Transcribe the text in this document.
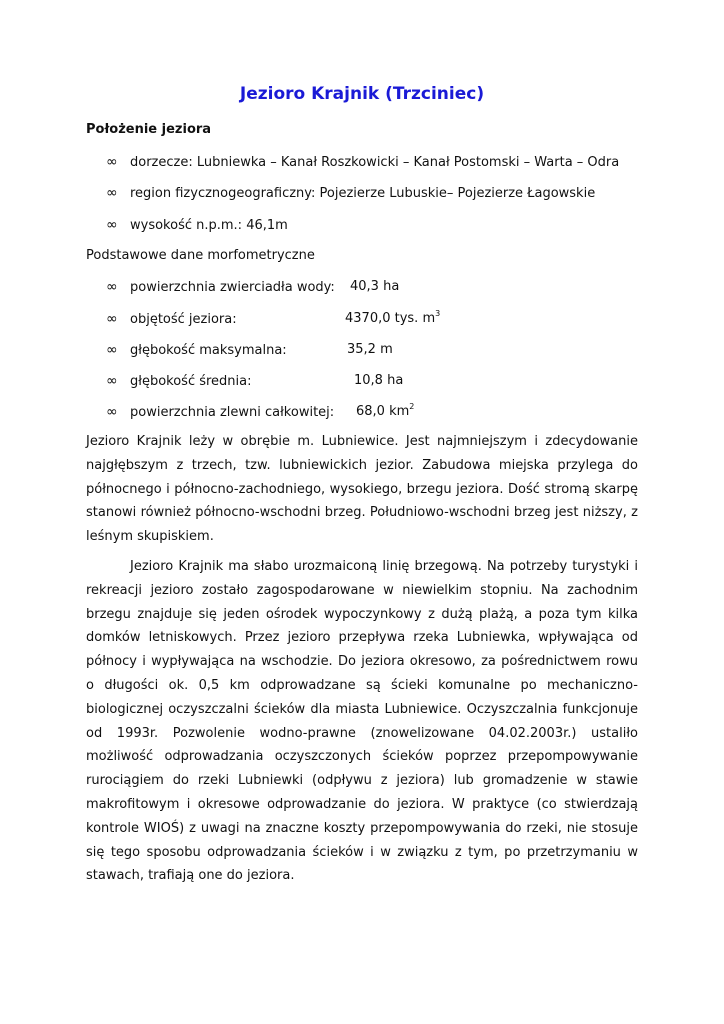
Jezioro Krajnik (Trzciniec)

Położenie jeziora

∞ dorzecze: Lubniewka – Kanał Roszkowicki – Kanał Postomski – Warta – Odra
∞ region fizycznogeograficzny: Pojezierze Lubuskie– Pojezierze Łagowskie
∞ wysokość n.p.m.: 46,1m

Podstawowe dane morfometryczne

∞ powierzchnia zwierciadła wody: 40,3 ha
∞ objętość jeziora:	4370,0 tys. $m^3$
∞ głębokość maksymalna:	35,2 m
∞ głębokość średnia:	10,8 ha
∞ powierzchnia zlewni całkowitej: 68,0 $km^2$

Jezioro Krajnik leży w obrębie m. Lubniewice. Jest najmniejszym i zdecydowanie najgłębszym z trzech, tzw. lubniewickich jezior. Zabudowa miejska przylega do północnego i północno-zachodniego, wysokiego, brzegu jeziora. Dość stromą skarpę stanowi również północno-wschodni brzeg. Południowo-wschodni brzeg jest niższy, z leśnym skupiskiem.

Jezioro Krajnik ma słabo urozmaiconą linię brzegową. Na potrzeby turystyki i rekreacji jezioro zostało zagospodarowane w niewielkim stopniu. Na zachodnim brzegu znajduje się jeden ośrodek wypoczynkowy z dużą plażą, a poza tym kilka domków letniskowych. Przez jezioro przepływa rzeka Lubniewka, wpływająca od północy i wypływająca na wschodzie. Do jeziora okresowo, za pośrednictwem rowu o długości ok. 0,5 km odprowadzane są ścieki komunalne po mechaniczno-biologicznej oczyszczalni ścieków dla miasta Lubniewice. Oczyszczalnia funkcjonuje od 1993r. Pozwolenie wodno-prawne (znowelizowane 04.02.2003r.) ustaliło możliwość odprowadzania oczyszczonych ścieków poprzez przepompowywanie rurociągiem do rzeki Lubniewki (odpływu z jeziora) lub gromadzenie w stawie makrofitowym i okresowe odprowadzanie do jeziora. W praktyce (co stwierdzają kontrole WIOŚ) z uwagi na znaczne koszty przepompowywania do rzeki, nie stosuje się tego sposobu odprowadzania ścieków i w związku z tym, po przetrzymaniu w stawach, trafiają one do jeziora.
